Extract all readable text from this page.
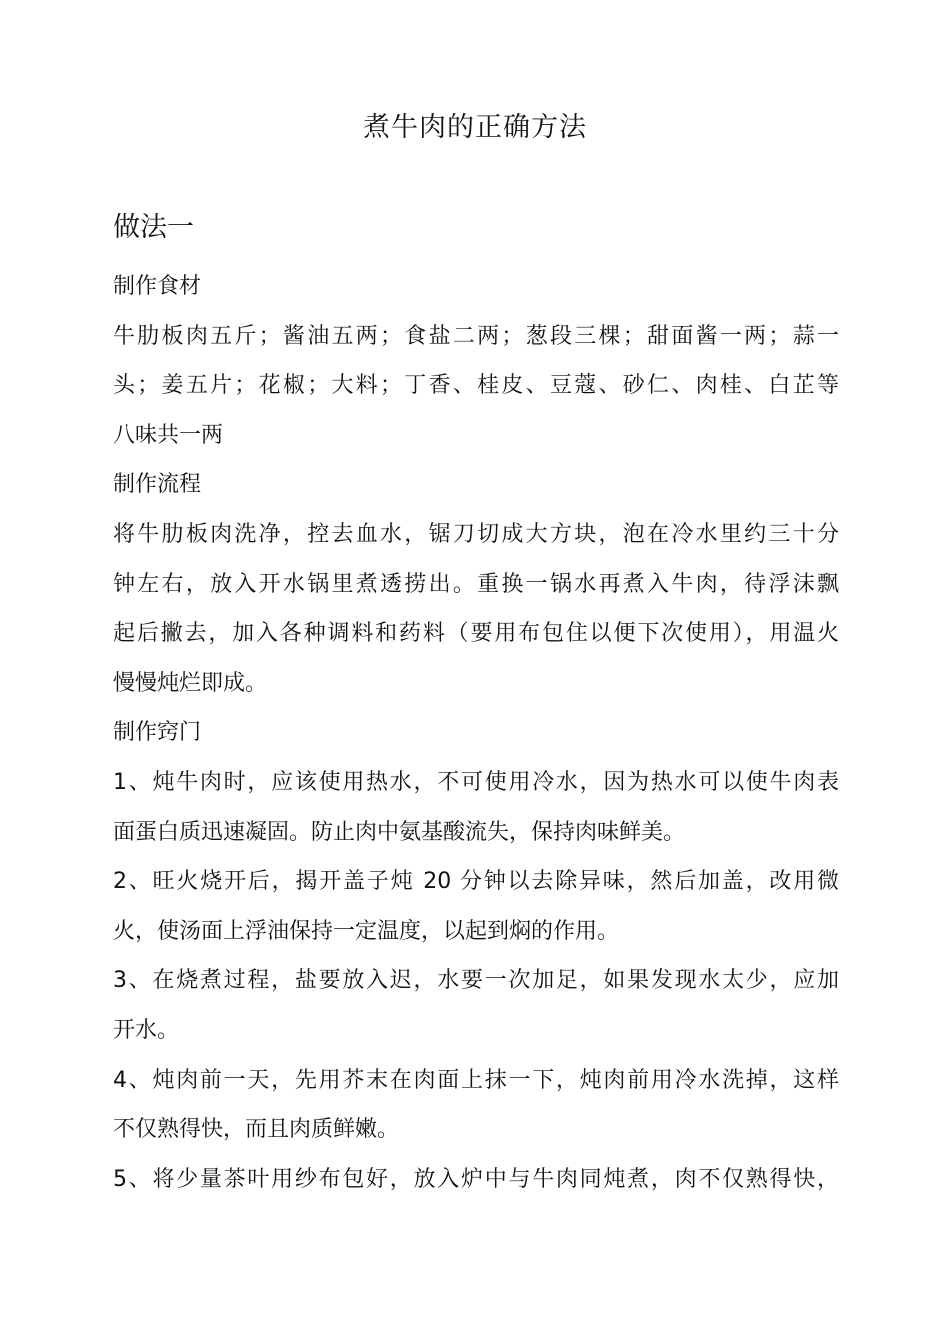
煮牛肉的正确方法
做法一
制作食材
牛肋板肉五斤；酱油五两；食盐二两；葱段三棵；甜面酱一两；蒜一
头；姜五片；花椒；大料；丁香、桂皮、豆蔻、砂仁、肉桂、白芷等
八味共一两
制作流程
将牛肋板肉洗净，控去血水，锯刀切成大方块，泡在冷水里约三十分
钟左右，放入开水锅里煮透捞出。重换一锅水再煮入牛肉，待浮沫飘
起后撇去，加入各种调料和药料（要用布包住以便下次使用），用温火
慢慢炖烂即成。
制作窍门
1、炖牛肉时，应该使用热水，不可使用冷水，因为热水可以使牛肉表
面蛋白质迅速凝固。防止肉中氨基酸流失，保持肉味鲜美。
2、旺火烧开后，揭开盖子炖 20 分钟以去除异味，然后加盖，改用微
火，使汤面上浮油保持一定温度，以起到焖的作用。
3、在烧煮过程，盐要放入迟，水要一次加足，如果发现水太少，应加
开水。
4、炖肉前一天，先用芥末在肉面上抹一下，炖肉前用冷水洗掉，这样
不仅熟得快，而且肉质鲜嫩。
5、将少量茶叶用纱布包好，放入炉中与牛肉同炖煮，肉不仅熟得快，
